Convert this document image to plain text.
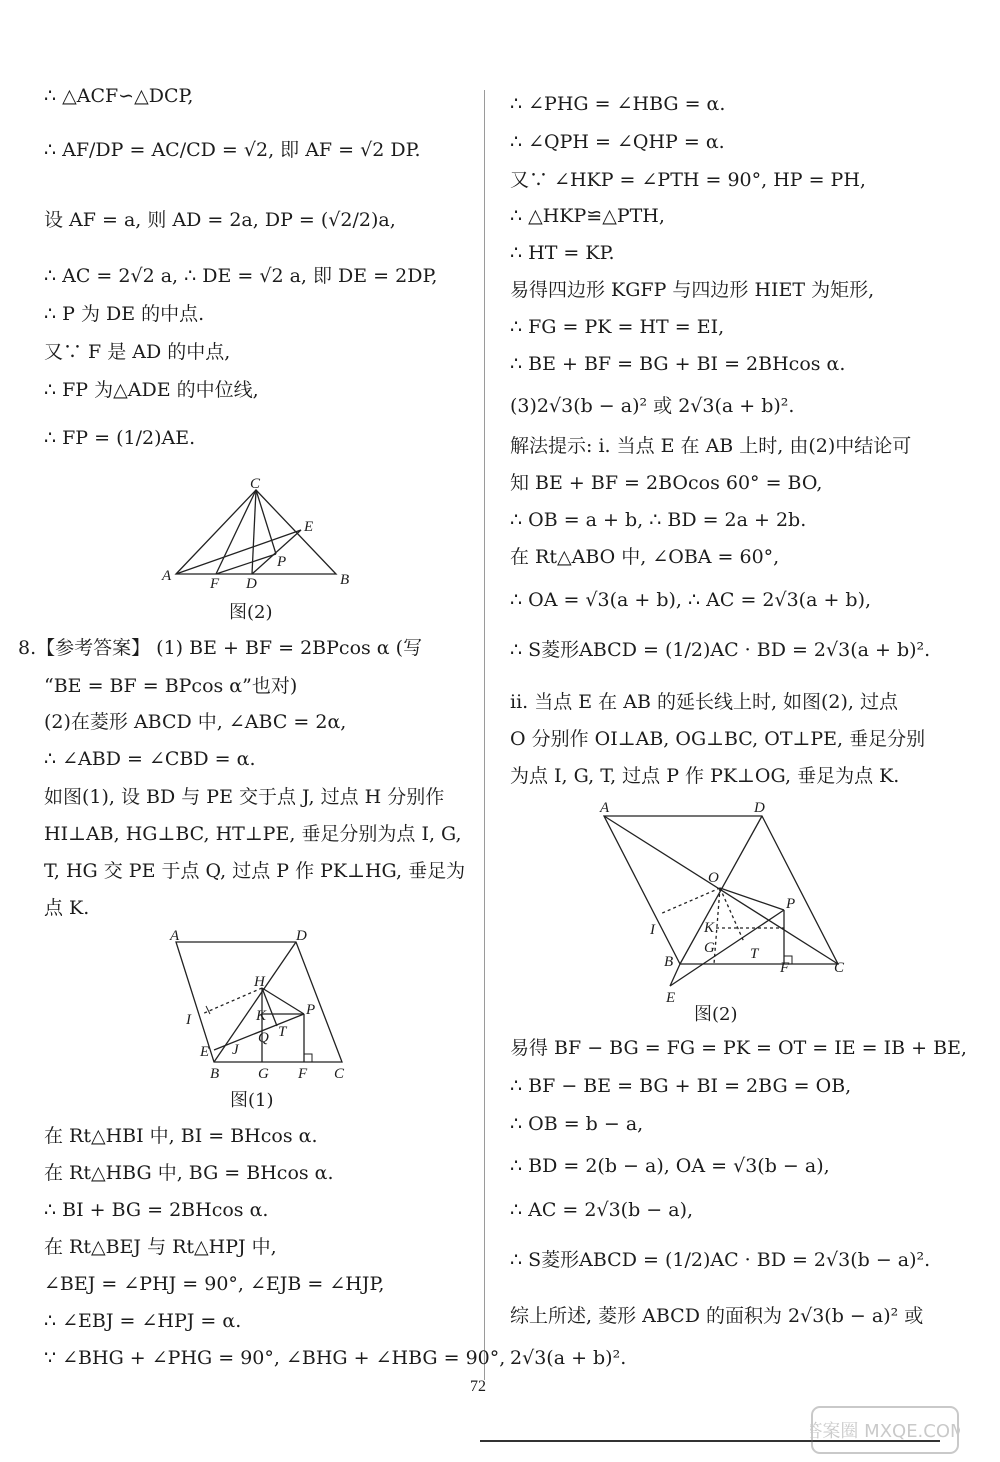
∴ △ACF∽△DCP,
∴ AF/DP = AC/CD = √2, 即 AF = √2 DP.
设 AF = a, 则 AD = 2a, DP = (√2/2)a,
∴ AC = 2√2 a, ∴ DE = √2 a, 即 DE = 2DP,
∴ P 为 DE 的中点.
又∵ F 是 AD 的中点,
∴ FP 为△ADE 的中位线,
∴ FP = (1/2)AE.
8.【参考答案】 (1) BE + BF = 2BPcos α (写
“BE = BF = BPcos α”也对)
(2)在菱形 ABCD 中, ∠ABC = 2α,
∴ ∠ABD = ∠CBD = α.
如图(1), 设 BD 与 PE 交于点 J, 过点 H 分别作
HI⊥AB, HG⊥BC, HT⊥PE, 垂足分别为点 I, G,
T, HG 交 PE 于点 Q, 过点 P 作 PK⊥HG, 垂足为
点 K.
在 Rt△HBI 中, BI = BHcos α.
在 Rt△HBG 中, BG = BHcos α.
∴ BI + BG = 2BHcos α.
在 Rt△BEJ 与 Rt△HPJ 中,
∠BEJ = ∠PHJ = 90°, ∠EJB = ∠HJP,
∴ ∠EBJ = ∠HPJ = α.
∵ ∠BHG + ∠PHG = 90°, ∠BHG + ∠HBG = 90°,
C
E
P
A	F D	B
图(2)
A	D
H
I	K	P
T
Q
E J
B	G F C
图(1)
∴ ∠PHG = ∠HBG = α.
∴ ∠QPH = ∠QHP = α.
又∵ ∠HKP = ∠PTH = 90°, HP = PH,
∴ △HKP≌△PTH,
∴ HT = KP.
易得四边形 KGFP 与四边形 HIET 为矩形,
∴ FG = PK = HT = EI,
∴ BE + BF = BG + BI = 2BHcos α.
(3)2√3(b − a)² 或 2√3(a + b)².
解法提示: i. 当点 E 在 AB 上时, 由(2)中结论可
知 BE + BF = 2BOcos 60° = BO,
∴ OB = a + b, ∴ BD = 2a + 2b.
在 Rt△ABO 中, ∠OBA = 60°,
∴ OA = √3(a + b), ∴ AC = 2√3(a + b),
∴ S菱形ABCD = (1/2)AC · BD = 2√3(a + b)².
ii. 当点 E 在 AB 的延长线上时, 如图(2), 过点
O 分别作 OI⊥AB, OG⊥BC, OT⊥PE, 垂足分别
为点 I, G, T, 过点 P 作 PK⊥OG, 垂足为点 K.
易得 BF − BG = FG = PK = OT = IE = IB + BE,
∴ BF − BE = BG + BI = 2BG = OB,
∴ OB = b − a,
∴ BD = 2(b − a), OA = √3(b − a),
∴ AC = 2√3(b − a),
∴ S菱形ABCD = (1/2)AC · BD = 2√3(b − a)².
综上所述, 菱形 ABCD 的面积为 2√3(b − a)² 或
2√3(a + b)².
A	D
O
P
I	K
G T
B	F	C
E
图(2)
72
答案圈 MXQE.COM
